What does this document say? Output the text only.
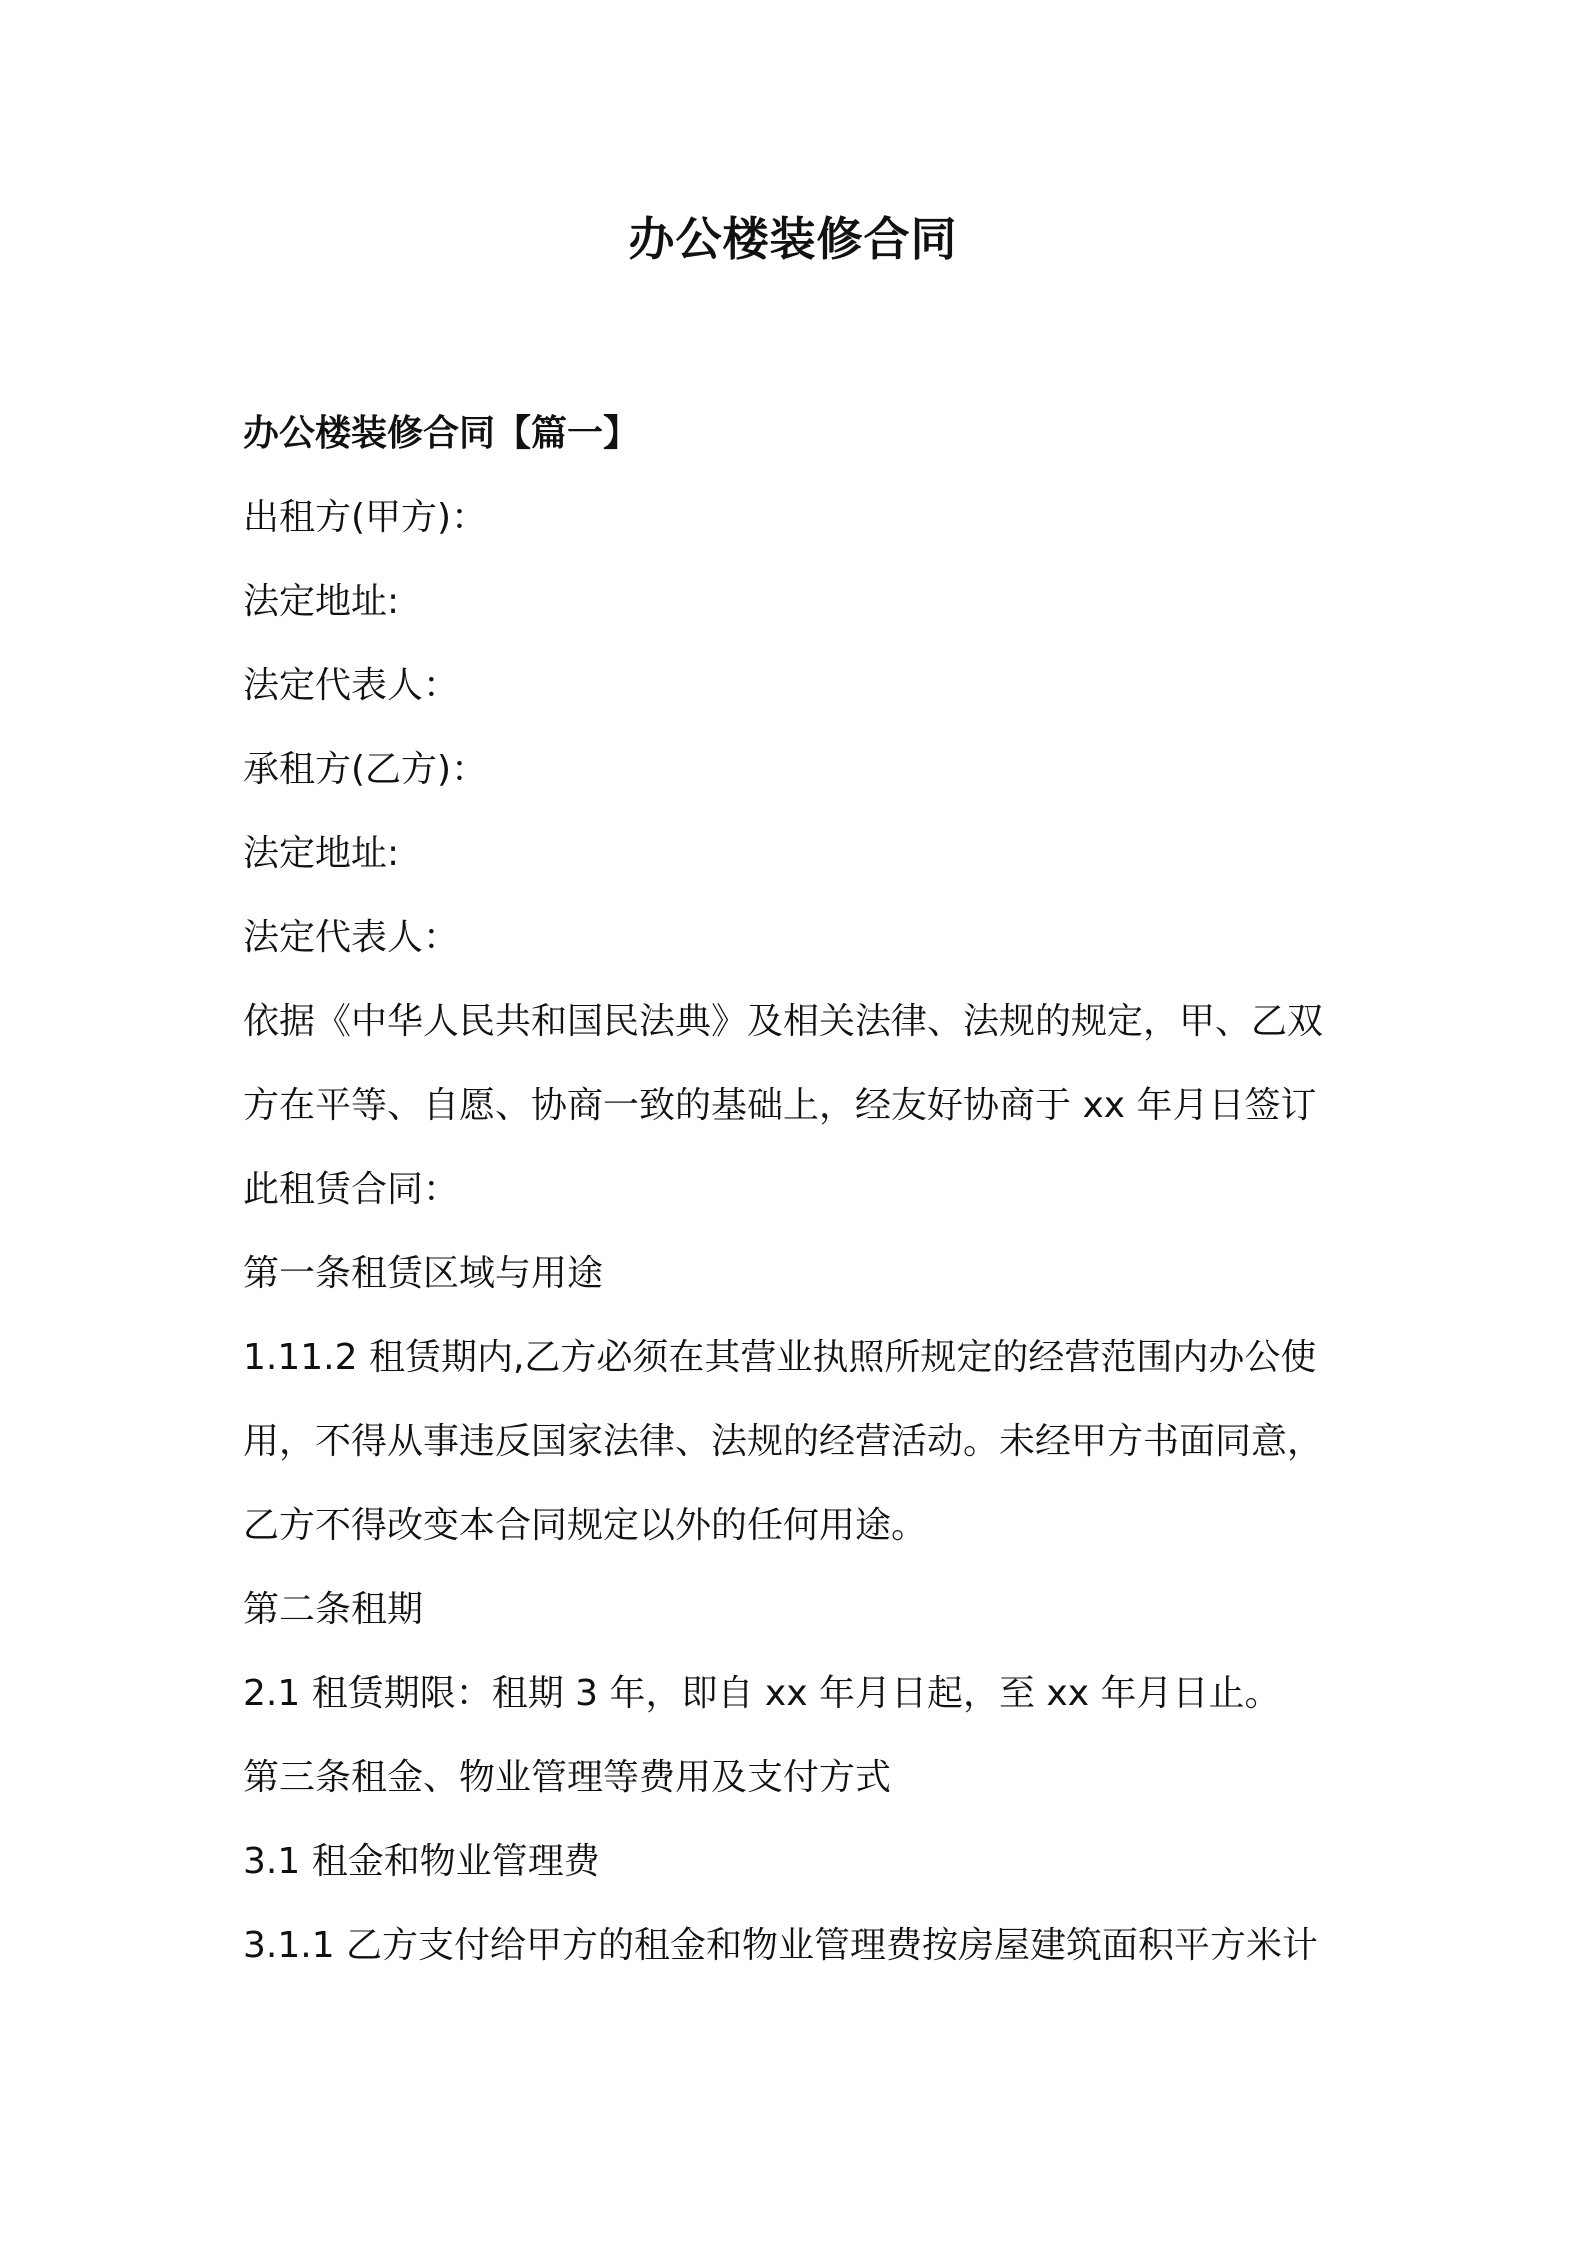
办公楼装修合同
办公楼装修合同【篇一】
出租方(甲方)：
法定地址:
法定代表人：
承租方(乙方)：
法定地址:
法定代表人：
依据《中华人民共和国民法典》及相关法律、法规的规定，甲、乙双
方在平等、自愿、协商一致的基础上，经友好协商于 xx 年月日签订
此租赁合同：
第一条租赁区域与用途
1.11.2 租赁期内,乙方必须在其营业执照所规定的经营范围内办公使
用，不得从事违反国家法律、法规的经营活动。未经甲方书面同意，
乙方不得改变本合同规定以外的任何用途。
第二条租期
2.1 租赁期限：租期 3 年，即自 xx 年月日起，至 xx 年月日止。
第三条租金、物业管理等费用及支付方式
3.1 租金和物业管理费
3.1.1 乙方支付给甲方的租金和物业管理费按房屋建筑面积平方米计
